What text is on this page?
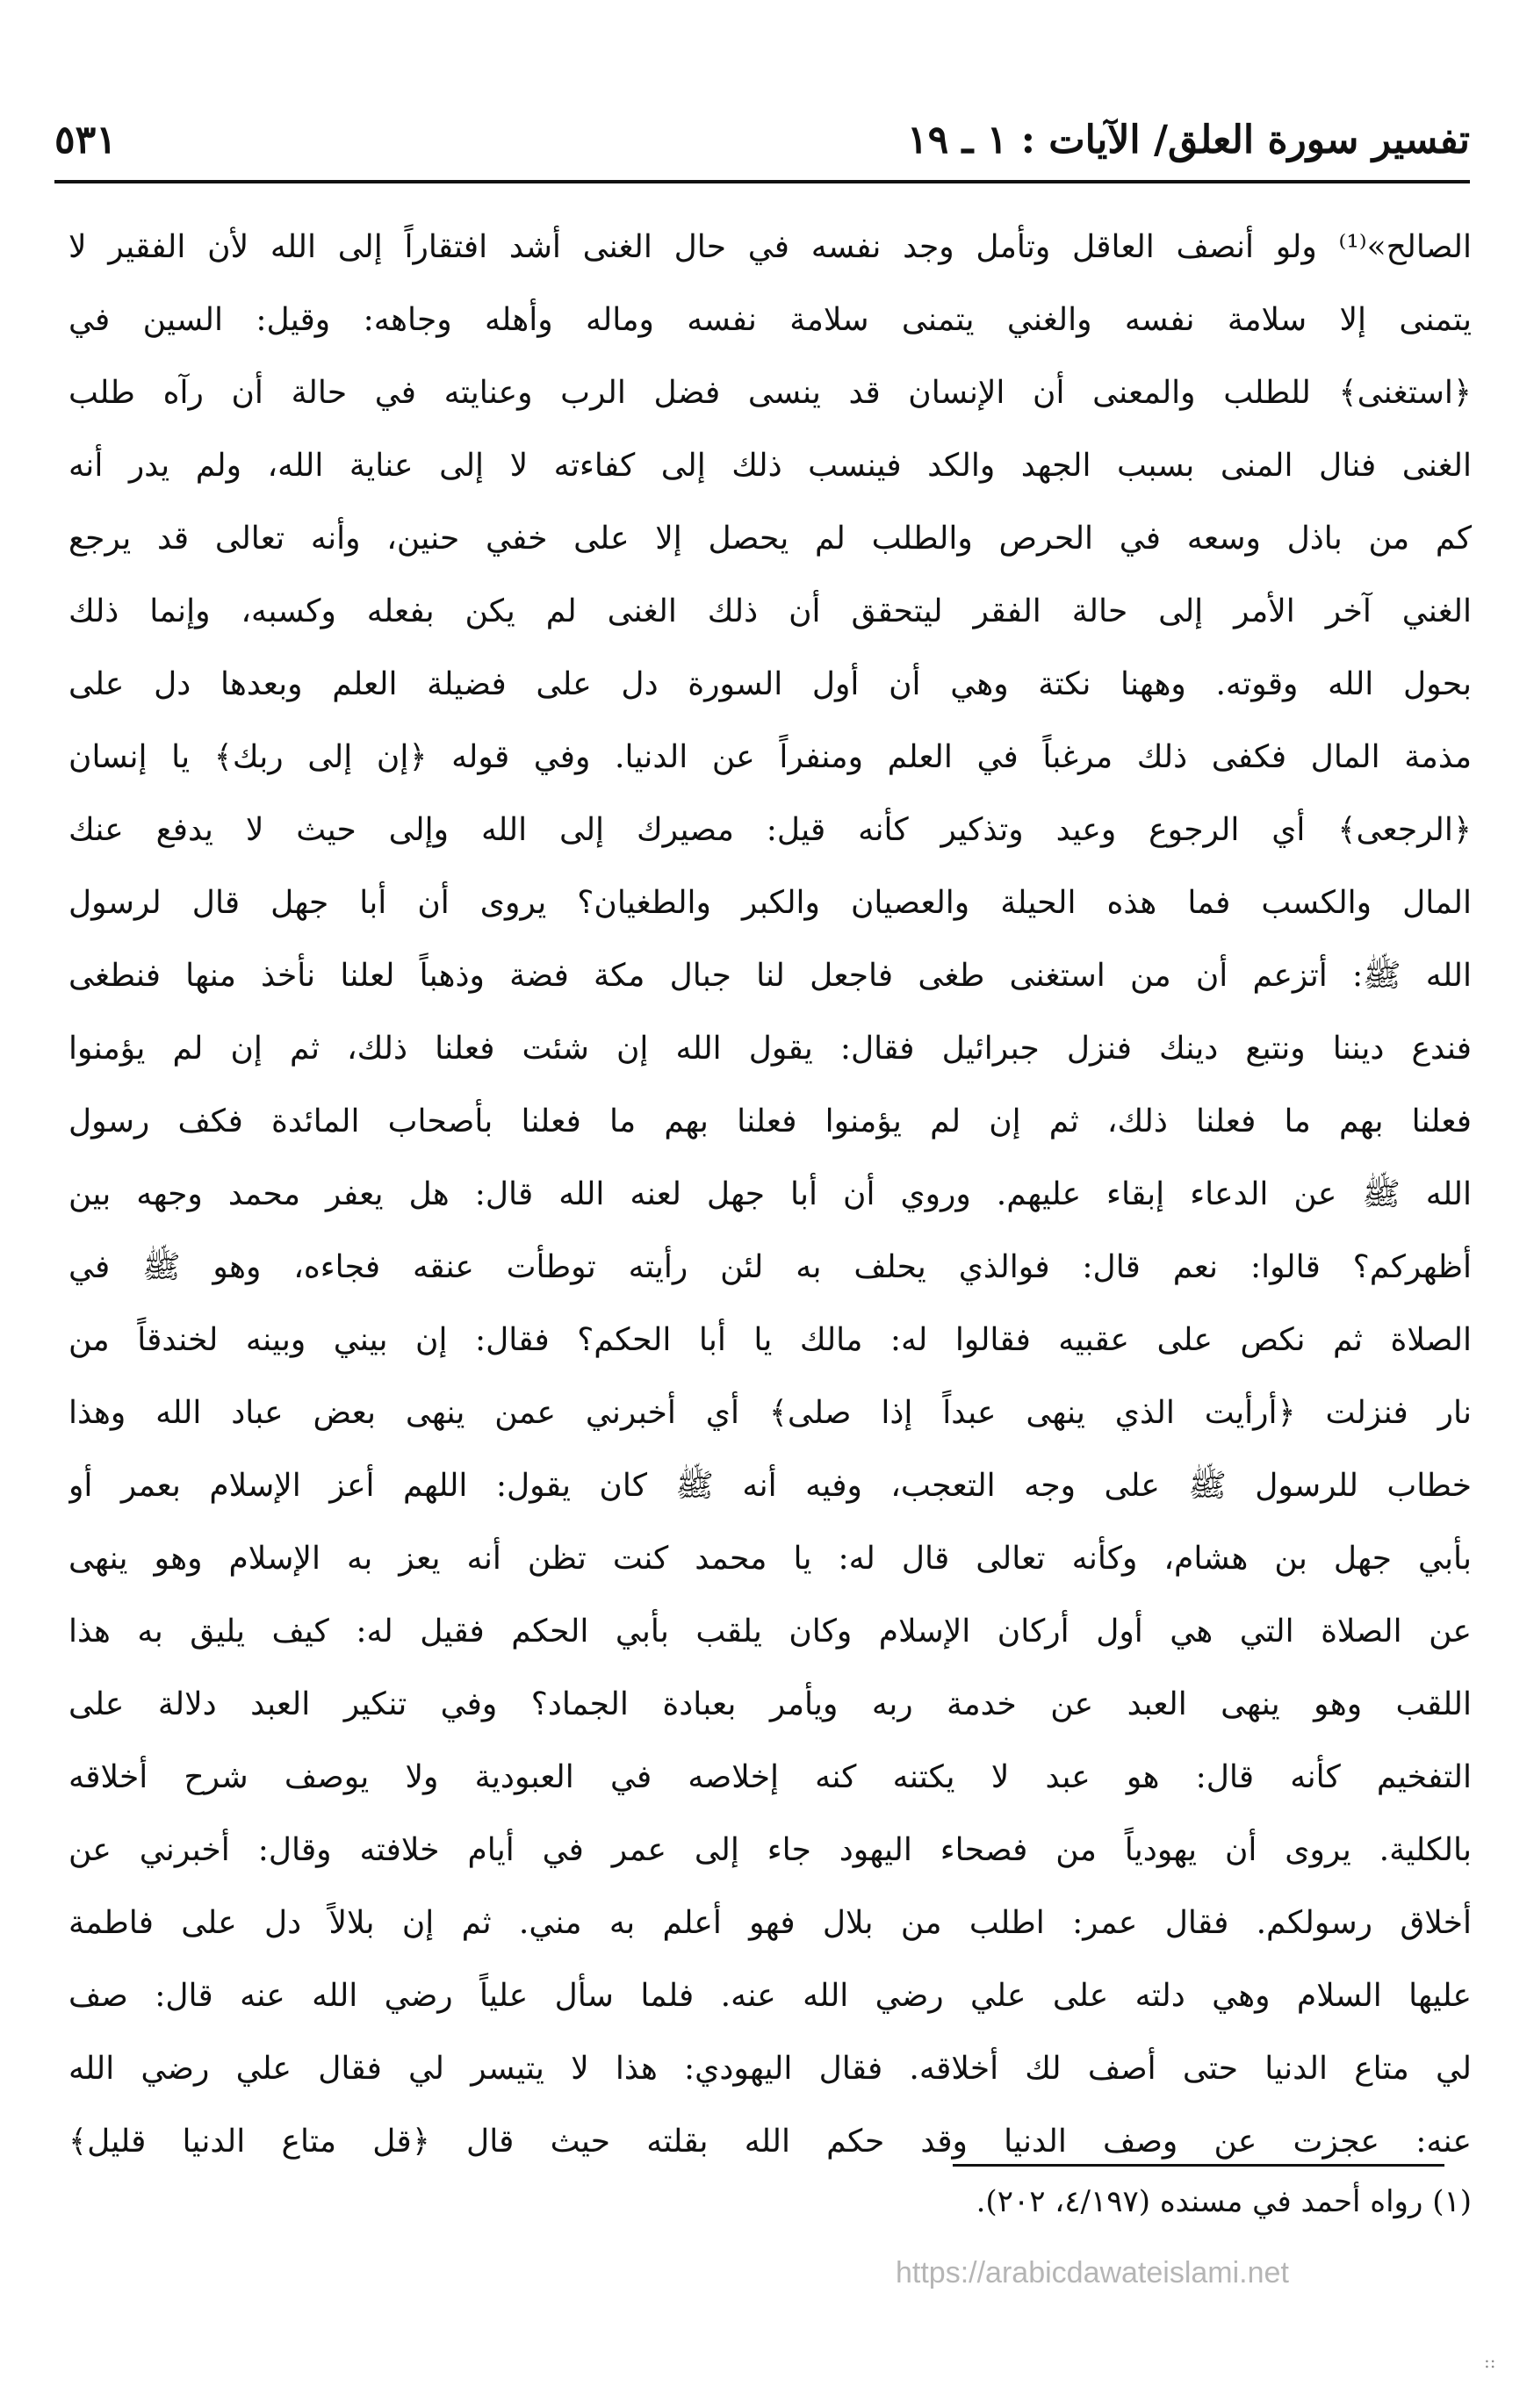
تفسير سورة العلق/ الآيات : ١ ـ ١٩
٥٣١
الصالح»⁽¹⁾ ولو أنصف العاقل وتأمل وجد نفسه في حال الغنى أشد افتقاراً إلى الله لأن الفقير لا
يتمنى إلا سلامة نفسه والغني يتمنى سلامة نفسه وماله وأهله وجاهه: وقيل: السين في
﴿استغنى﴾ للطلب والمعنى أن الإنسان قد ينسى فضل الرب وعنايته في حالة أن رآه طلب
الغنى فنال المنى بسبب الجهد والكد فينسب ذلك إلى كفاءته لا إلى عناية الله، ولم يدر أنه
كم من باذل وسعه في الحرص والطلب لم يحصل إلا على خفي حنين، وأنه تعالى قد يرجع
الغني آخر الأمر إلى حالة الفقر ليتحقق أن ذلك الغنى لم يكن بفعله وكسبه، وإنما ذلك
بحول الله وقوته. وههنا نكتة وهي أن أول السورة دل على فضيلة العلم وبعدها دل على
مذمة المال فكفى ذلك مرغباً في العلم ومنفراً عن الدنيا. وفي قوله ﴿إن إلى ربك﴾ يا إنسان
﴿الرجعى﴾ أي الرجوع وعيد وتذكير كأنه قيل: مصيرك إلى الله وإلى حيث لا يدفع عنك
المال والكسب فما هذه الحيلة والعصيان والكبر والطغيان؟ يروى أن أبا جهل قال لرسول
الله ﷺ: أتزعم أن من استغنى طغى فاجعل لنا جبال مكة فضة وذهباً لعلنا نأخذ منها فنطغى
فندع ديننا ونتبع دينك فنزل جبرائيل فقال: يقول الله إن شئت فعلنا ذلك، ثم إن لم يؤمنوا
فعلنا بهم ما فعلنا ذلك، ثم إن لم يؤمنوا فعلنا بهم ما فعلنا بأصحاب المائدة فكف رسول
الله ﷺ عن الدعاء إبقاء عليهم. وروي أن أبا جهل لعنه الله قال: هل يعفر محمد وجهه بين
أظهركم؟ قالوا: نعم قال: فوالذي يحلف به لئن رأيته توطأت عنقه فجاءه، وهو ﷺ في
الصلاة ثم نكص على عقبيه فقالوا له: مالك يا أبا الحكم؟ فقال: إن بيني وبينه لخندقاً من
نار فنزلت ﴿أرأيت الذي ينهى عبداً إذا صلى﴾ أي أخبرني عمن ينهى بعض عباد الله وهذا
خطاب للرسول ﷺ على وجه التعجب، وفيه أنه ﷺ كان يقول: اللهم أعز الإسلام بعمر أو
بأبي جهل بن هشام، وكأنه تعالى قال له: يا محمد كنت تظن أنه يعز به الإسلام وهو ينهى
عن الصلاة التي هي أول أركان الإسلام وكان يلقب بأبي الحكم فقيل له: كيف يليق به هذا
اللقب وهو ينهى العبد عن خدمة ربه ويأمر بعبادة الجماد؟ وفي تنكير العبد دلالة على
التفخيم كأنه قال: هو عبد لا يكتنه كنه إخلاصه في العبودية ولا يوصف شرح أخلاقه
بالكلية. يروى أن يهودياً من فصحاء اليهود جاء إلى عمر في أيام خلافته وقال: أخبرني عن
أخلاق رسولكم. فقال عمر: اطلب من بلال فهو أعلم به مني. ثم إن بلالاً دل على فاطمة
عليها السلام وهي دلته على علي رضي الله عنه. فلما سأل علياً رضي الله عنه قال: صف
لي متاع الدنيا حتى أصف لك أخلاقه. فقال اليهودي: هذا لا يتيسر لي فقال علي رضي الله
عنه: عجزت عن وصف الدنيا وقد حكم الله بقلته حيث قال ﴿قل متاع الدنيا قليل﴾
(١) رواه أحمد في مسنده (٤/١٩٧، ٢٠٢).
https://arabicdawateislami.net
::
